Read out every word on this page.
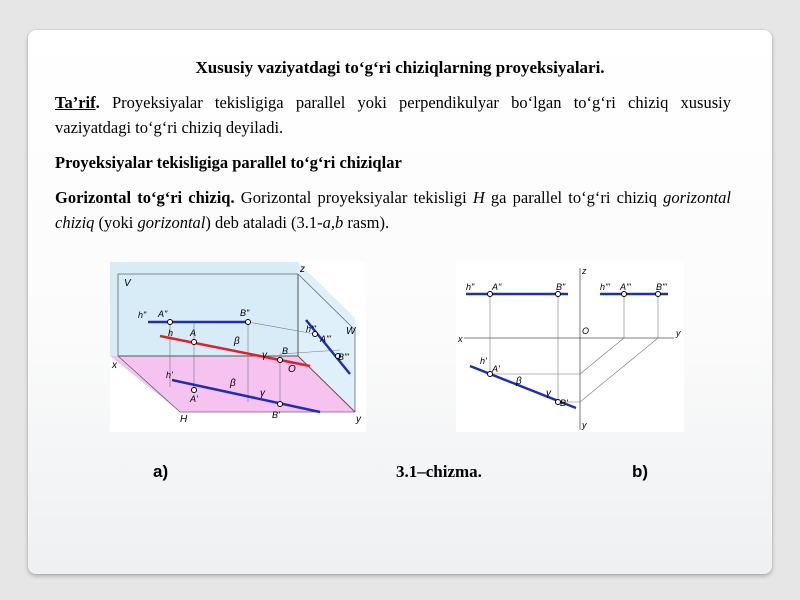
Xususiy vaziyatdagi to‘g‘ri chiziqlarning proyeksiyalari.
Ta’rif. Proyeksiyalar tekisligiga parallel yoki perpendikulyar bo‘lgan to‘g‘ri chiziq xususiy vaziyatdagi to‘g‘ri chiziq deyiladi.
Proyeksiyalar tekisligiga parallel to‘g‘ri chiziqlar
Gorizontal to‘g‘ri chiziq. Gorizontal proyeksiyalar tekisligi H ga parallel to‘g‘ri chiziq gorizontal chiziq (yoki gorizontal) deb ataladi (3.1-a,b rasm).
V
z
W
x
y
H
O
h" A"	B"
h A
B
β
γ
h'
A'
β
γ
B'
h"'
A"'
B"'
z
x
O	y
y
h" A"	B"	h"' A"'	B"'
h'
A'
β
γ
B'
a)	3.1–chizma.	b)
